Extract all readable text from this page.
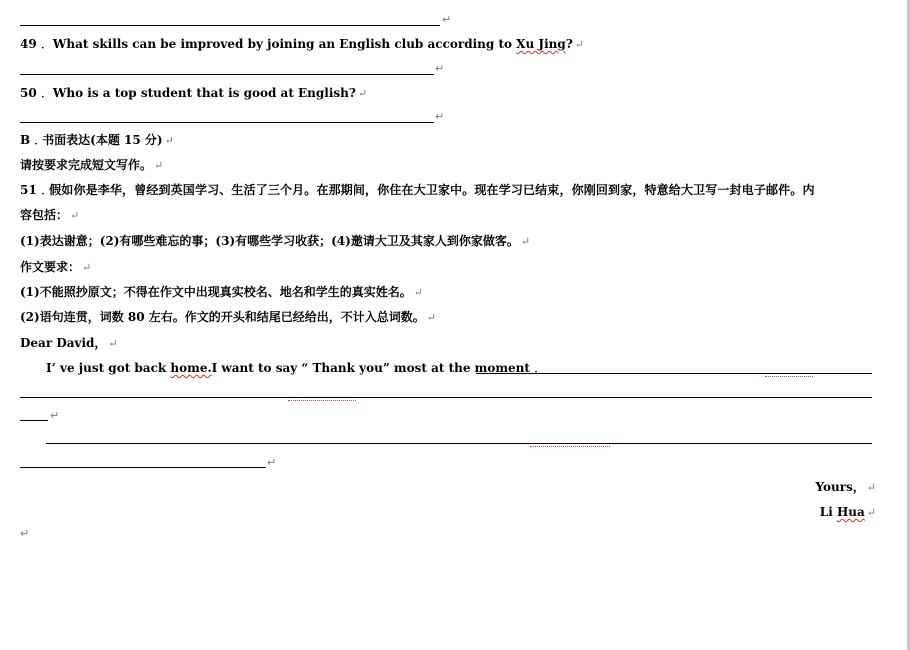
↵
49﹒ What skills can be improved by joining an English club according to Xu Jing? ↵
↵
50﹒ Who is a top student that is good at English? ↵
↵
B﹒书面表达(本题 15 分) ↵
请按要求完成短文写作。 ↵
51﹒假如你是李华，曾经到英国学习、生活了三个月。在那期间，你住在大卫家中。现在学习已结束，你刚回到家，特意给大卫写一封电子邮件。内
容包括： ↵
(1)表达谢意；(2)有哪些难忘的事；(3)有哪些学习收获；(4)邀请大卫及其家人到你家做客。 ↵
作文要求： ↵
(1)不能照抄原文；不得在作文中出现真实校名、地名和学生的真实姓名。 ↵
(2)语句连贯，词数 80 左右。作文的开头和结尾已经给出，不计入总词数。 ↵
Dear David， ↵
I’ ve just got back home.I want to say “ Thank you” most at the moment﹒
↵
↵
Yours， ↵
Li Hua ↵
↵
